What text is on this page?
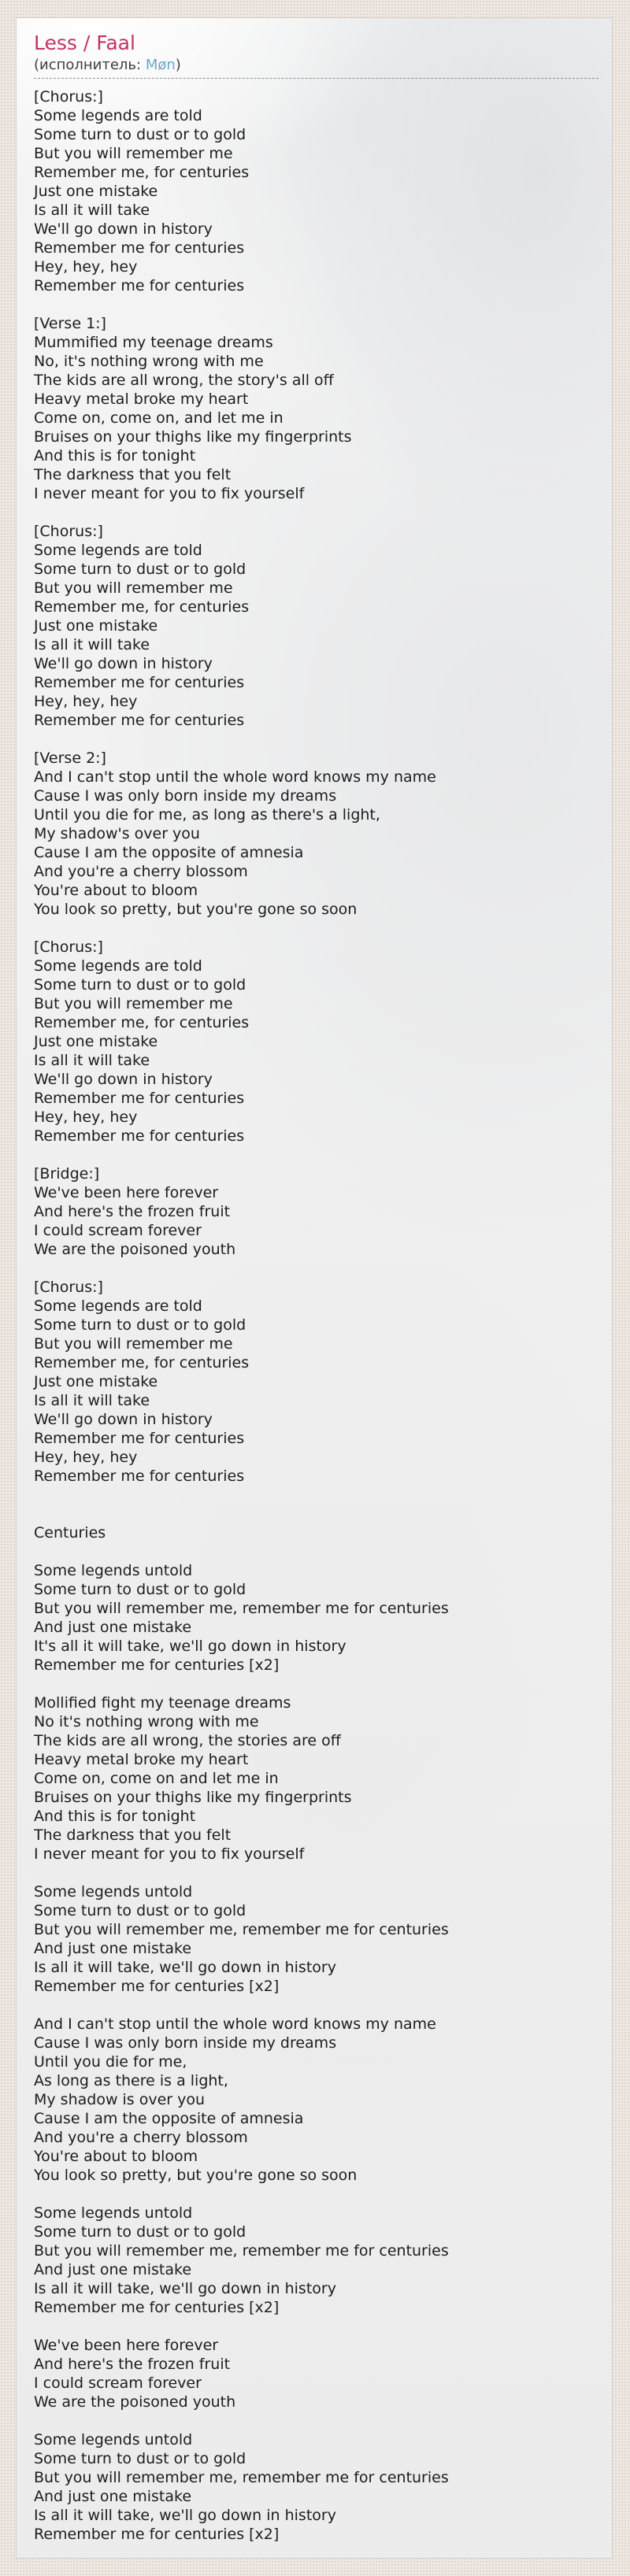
Less / Faal
(исполнитель: Møn)
[Chorus:]
Some legends are told
Some turn to dust or to gold
But you will remember me
Remember me, for centuries
Just one mistake
Is all it will take
We'll go down in history
Remember me for centuries
Hey, hey, hey
Remember me for centuries
[Verse 1:]
Mummified my teenage dreams
No, it's nothing wrong with me
The kids are all wrong, the story's all off
Heavy metal broke my heart
Come on, come on, and let me in
Bruises on your thighs like my fingerprints
And this is for tonight
The darkness that you felt
I never meant for you to fix yourself
[Chorus:]
Some legends are told
Some turn to dust or to gold
But you will remember me
Remember me, for centuries
Just one mistake
Is all it will take
We'll go down in history
Remember me for centuries
Hey, hey, hey
Remember me for centuries
[Verse 2:]
And I can't stop until the whole word knows my name
Cause I was only born inside my dreams
Until you die for me, as long as there's a light,
My shadow's over you
Cause I am the opposite of amnesia
And you're a cherry blossom
You're about to bloom
You look so pretty, but you're gone so soon
[Chorus:]
Some legends are told
Some turn to dust or to gold
But you will remember me
Remember me, for centuries
Just one mistake
Is all it will take
We'll go down in history
Remember me for centuries
Hey, hey, hey
Remember me for centuries
[Bridge:]
We've been here forever
And here's the frozen fruit
I could scream forever
We are the poisoned youth
[Chorus:]
Some legends are told
Some turn to dust or to gold
But you will remember me
Remember me, for centuries
Just one mistake
Is all it will take
We'll go down in history
Remember me for centuries
Hey, hey, hey
Remember me for centuries
Centuries
Some legends untold
Some turn to dust or to gold
But you will remember me, remember me for centuries
And just one mistake
It's all it will take, we'll go down in history
Remember me for centuries [x2]
Mollified fight my teenage dreams
No it's nothing wrong with me
The kids are all wrong, the stories are off
Heavy metal broke my heart
Come on, come on and let me in
Bruises on your thighs like my fingerprints
And this is for tonight
The darkness that you felt
I never meant for you to fix yourself
Some legends untold
Some turn to dust or to gold
But you will remember me, remember me for centuries
And just one mistake
Is all it will take, we'll go down in history
Remember me for centuries [x2]
And I can't stop until the whole word knows my name
Cause I was only born inside my dreams
Until you die for me,
As long as there is a light,
My shadow is over you
Cause I am the opposite of amnesia
And you're a cherry blossom
You're about to bloom
You look so pretty, but you're gone so soon
Some legends untold
Some turn to dust or to gold
But you will remember me, remember me for centuries
And just one mistake
Is all it will take, we'll go down in history
Remember me for centuries [x2]
We've been here forever
And here's the frozen fruit
I could scream forever
We are the poisoned youth
Some legends untold
Some turn to dust or to gold
But you will remember me, remember me for centuries
And just one mistake
Is all it will take, we'll go down in history
Remember me for centuries [x2]
